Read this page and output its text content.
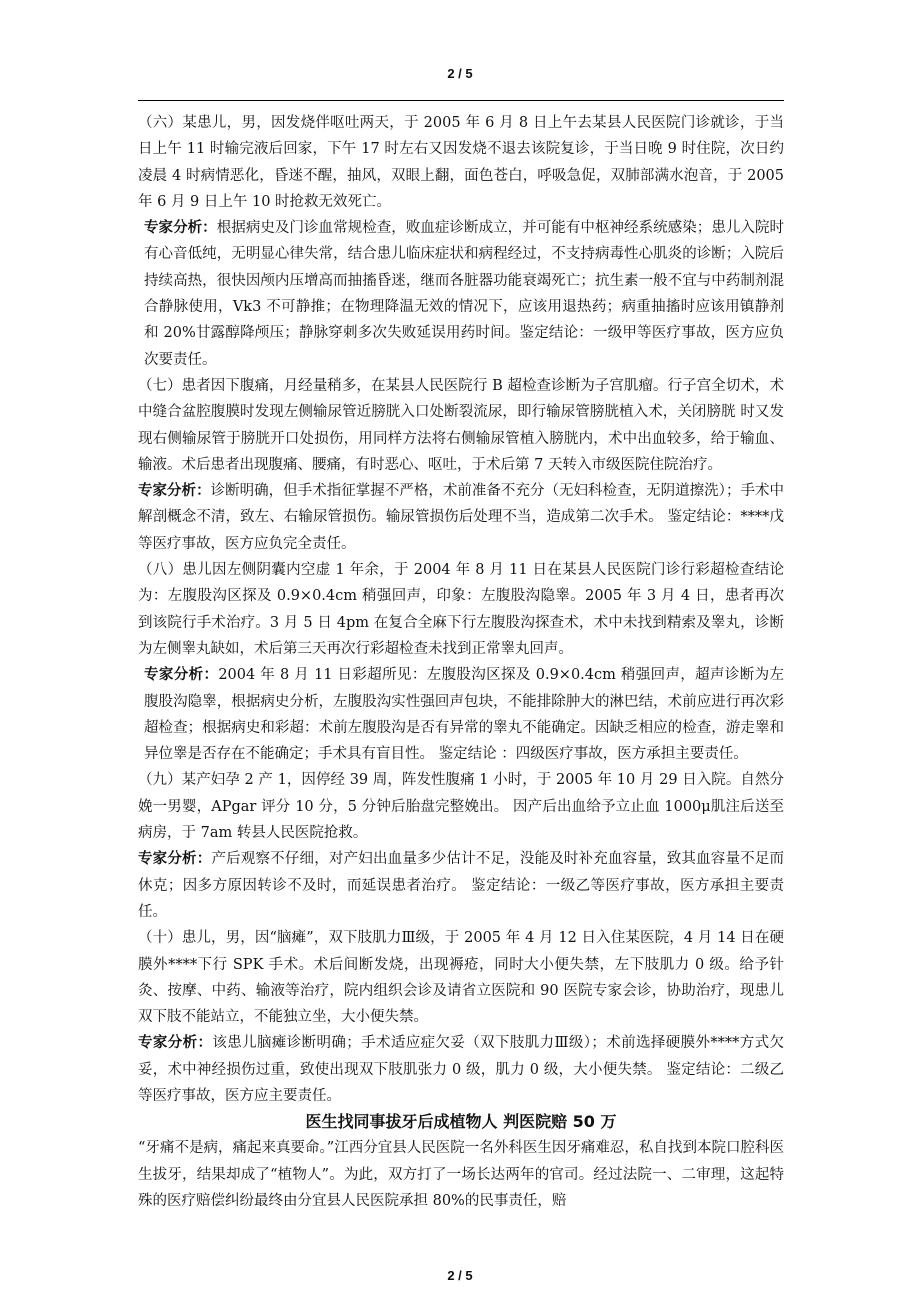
2 / 5

（六）某患儿，男，因发烧伴呕吐两天，于 2005 年 6 月 8 日上午去某县人民医院门诊就诊，于当日上午 11 时输完液后回家，下午 17 时左右又因发烧不退去该院复诊，于当日晚 9 时住院，次日约凌晨 4 时病情恶化，昏迷不醒，抽风，双眼上翻，面色苍白，呼吸急促，双肺部满水泡音，于 2005 年 6 月 9 日上午 10 时抢救无效死亡。

专家分析：根据病史及门诊血常规检查，败血症诊断成立，并可能有中枢神经系统感染；患儿入院时有心音低纯，无明显心律失常，结合患儿临床症状和病程经过，不支持病毒性心肌炎的诊断；入院后持续高热，很快因颅内压增高而抽搐昏迷，继而各脏器功能衰竭死亡；抗生素一般不宜与中药制剂混合静脉使用，Vk3 不可静推；在物理降温无效的情况下，应该用退热药；病重抽搐时应该用镇静剂和 20%甘露醇降颅压；静脉穿刺多次失败延误用药时间。鉴定结论：一级甲等医疗事故，医方应负次要责任。

（七）患者因下腹痛，月经量稍多，在某县人民医院行 B 超检查诊断为子宫肌瘤。行子宫全切术，术中缝合盆腔腹膜时发现左侧输尿管近膀胱入口处断裂流尿，即行输尿管膀胱植入术，关闭膀胱 时又发现右侧输尿管于膀胱开口处损伤，用同样方法将右侧输尿管植入膀胱内，术中出血较多，给于输血、输液。术后患者出现腹痛、腰痛，有时恶心、呕吐，于术后第 7 天转入市级医院住院治疗。

专家分析：诊断明确，但手术指征掌握不严格，术前准备不充分（无妇科检查，无阴道擦洗）；手术中解剖概念不清，致左、右输尿管损伤。输尿管损伤后处理不当，造成第二次手术。 鉴定结论：****戊等医疗事故，医方应负完全责任。

（八）患儿因左侧阴囊内空虚 1 年余，于 2004 年 8 月 11 日在某县人民医院门诊行彩超检查结论为：左腹股沟区探及 0.9×0.4cm 稍强回声，印象：左腹股沟隐睾。2005 年 3 月 4 日，患者再次到该院行手术治疗。3 月 5 日 4pm 在复合全麻下行左腹股沟探查术，术中未找到精索及睾丸，诊断为左侧睾丸缺如，术后第三天再次行彩超检查未找到正常睾丸回声。

专家分析：2004 年 8 月 11 日彩超所见：左腹股沟区探及 0.9×0.4cm 稍强回声，超声诊断为左腹股沟隐睾，根据病史分析，左腹股沟实性强回声包块，不能排除肿大的淋巴结，术前应进行再次彩超检查；根据病史和彩超：术前左腹股沟是否有异常的睾丸不能确定。因缺乏相应的检查，游走睾和异位睾是否存在不能确定；手术具有盲目性。 鉴定结论 ：四级医疗事故，医方承担主要责任。

（九）某产妇孕 2 产 1，因停经 39 周，阵发性腹痛 1 小时，于 2005 年 10 月 29 日入院。自然分娩一男婴，APgar 评分 10 分，5 分钟后胎盘完整娩出。 因产后出血给予立止血 1000μ肌注后送至病房，于 7am 转县人民医院抢救。

专家分析：产后观察不仔细，对产妇出血量多少估计不足，没能及时补充血容量，致其血容量不足而休克；因多方原因转诊不及时，而延误患者治疗。 鉴定结论：一级乙等医疗事故，医方承担主要责任。

（十）患儿，男，因“脑瘫”，双下肢肌力Ⅲ级，于 2005 年 4 月 12 日入住某医院，4 月 14 日在硬膜外****下行 SPK 手术。术后间断发烧，出现褥疮，同时大小便失禁，左下肢肌力 0 级。给予针灸、按摩、中药、输液等治疗，院内组织会诊及请省立医院和 90 医院专家会诊，协助治疗，现患儿双下肢不能站立，不能独立坐，大小便失禁。

专家分析：该患儿脑瘫诊断明确；手术适应症欠妥（双下肢肌力Ⅲ级）；术前选择硬膜外****方式欠妥，术中神经损伤过重，致使出现双下肢肌张力 0 级，肌力 0 级，大小便失禁。 鉴定结论：二级乙等医疗事故，医方应主要责任。

医生找同事拔牙后成植物人 判医院赔 50 万

“牙痛不是病，痛起来真要命。”江西分宜县人民医院一名外科医生因牙痛难忍，私自找到本院口腔科医生拔牙，结果却成了“植物人”。为此，双方打了一场长达两年的官司。经过法院一、二审理，这起特殊的医疗赔偿纠纷最终由分宜县人民医院承担 80%的民事责任，赔

2 / 5
